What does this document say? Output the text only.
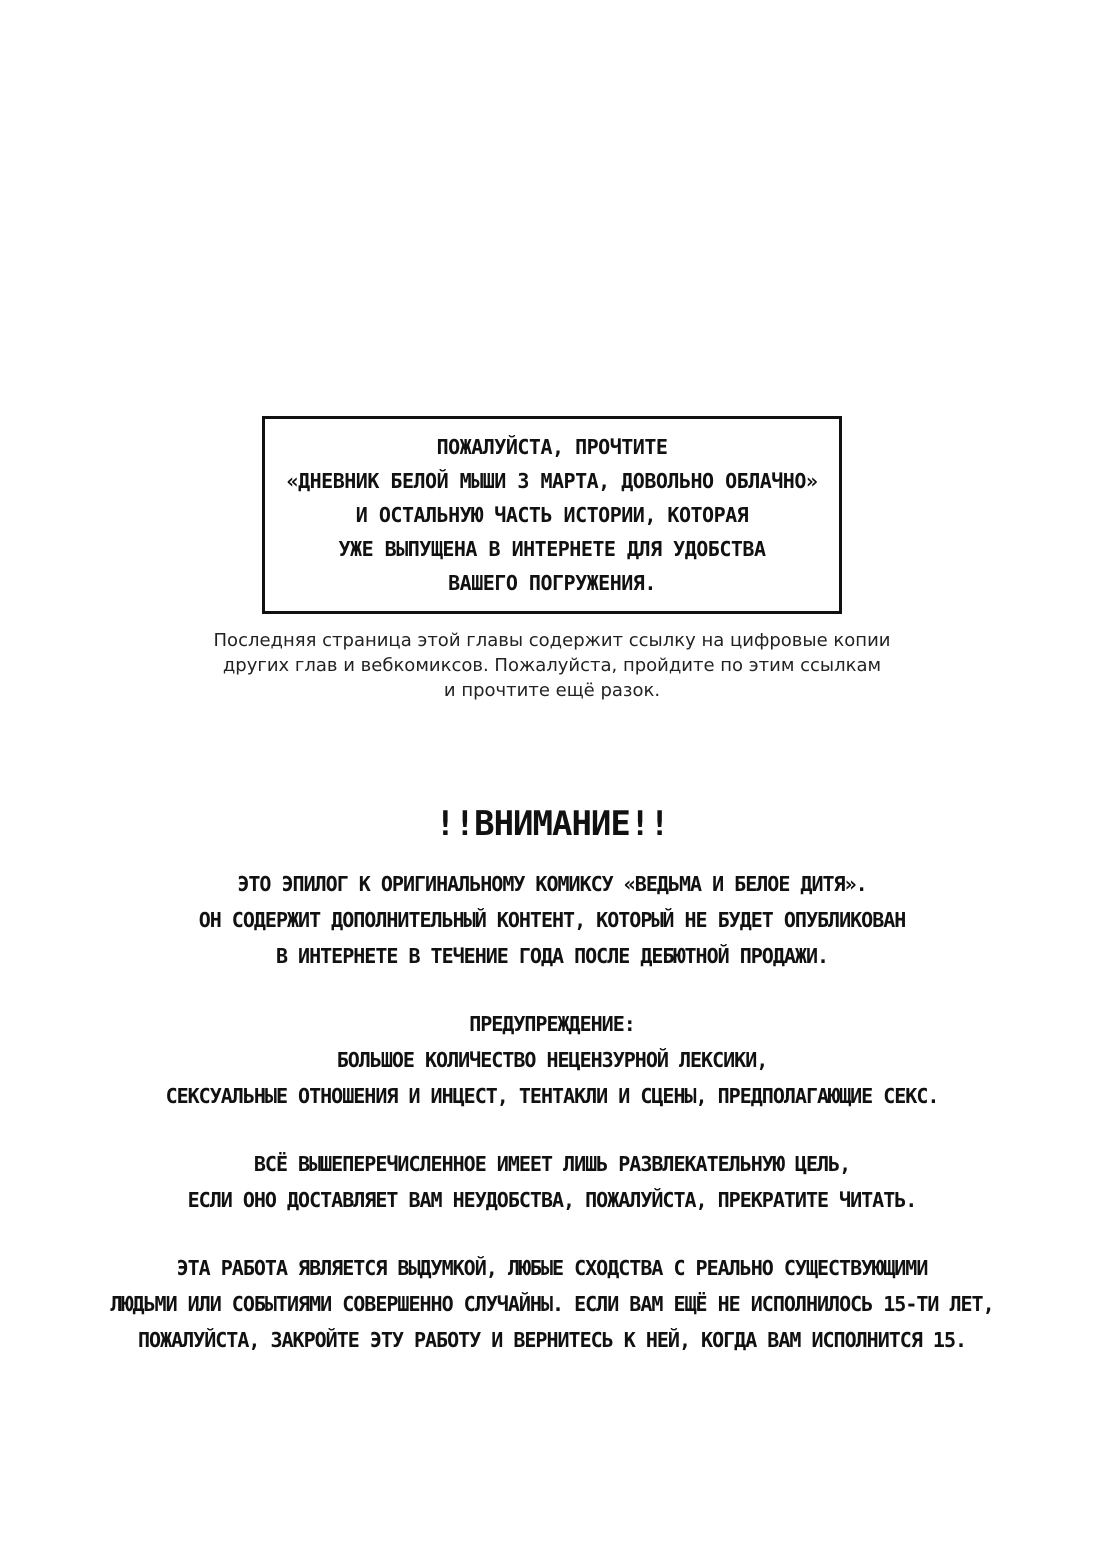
ПОЖАЛУЙСТА, ПРОЧТИТЕ
«ДНЕВНИК БЕЛОЙ МЫШИ 3 МАРТА, ДОВОЛЬНО ОБЛАЧНО»
И ОСТАЛЬНУЮ ЧАСТЬ ИСТОРИИ, КОТОРАЯ
УЖЕ ВЫПУЩЕНА В ИНТЕРНЕТЕ ДЛЯ УДОБСТВА
ВАШЕГО ПОГРУЖЕНИЯ.
Последняя страница этой главы содержит ссылку на цифровые копии
других глав и вебкомиксов. Пожалуйста, пройдите по этим ссылкам
и прочтите ещё разок.
!!ВНИМАНИЕ!!
ЭТО ЭПИЛОГ К ОРИГИНАЛЬНОМУ КОМИКСУ «ВЕДЬМА И БЕЛОЕ ДИТЯ».
ОН СОДЕРЖИТ ДОПОЛНИТЕЛЬНЫЙ КОНТЕНТ, КОТОРЫЙ НЕ БУДЕТ ОПУБЛИКОВАН
В ИНТЕРНЕТЕ В ТЕЧЕНИЕ ГОДА ПОСЛЕ ДЕБЮТНОЙ ПРОДАЖИ.
ПРЕДУПРЕЖДЕНИЕ:
БОЛЬШОЕ КОЛИЧЕСТВО НЕЦЕНЗУРНОЙ ЛЕКСИКИ,
СЕКСУАЛЬНЫЕ ОТНОШЕНИЯ И ИНЦЕСТ, ТЕНТАКЛИ И СЦЕНЫ, ПРЕДПОЛАГАЮЩИЕ СЕКС.
ВСЁ ВЫШЕПЕРЕЧИСЛЕННОЕ ИМЕЕТ ЛИШЬ РАЗВЛЕКАТЕЛЬНУЮ ЦЕЛЬ,
ЕСЛИ ОНО ДОСТАВЛЯЕТ ВАМ НЕУДОБСТВА, ПОЖАЛУЙСТА, ПРЕКРАТИТЕ ЧИТАТЬ.
ЭТА РАБОТА ЯВЛЯЕТСЯ ВЫДУМКОЙ, ЛЮБЫЕ СХОДСТВА С РЕАЛЬНО СУЩЕСТВУЮЩИМИ
ЛЮДЬМИ ИЛИ СОБЫТИЯМИ СОВЕРШЕННО СЛУЧАЙНЫ. ЕСЛИ ВАМ ЕЩЁ НЕ ИСПОЛНИЛОСЬ 15-ТИ ЛЕТ,
ПОЖАЛУЙСТА, ЗАКРОЙТЕ ЭТУ РАБОТУ И ВЕРНИТЕСЬ К НЕЙ, КОГДА ВАМ ИСПОЛНИТСЯ 15.
